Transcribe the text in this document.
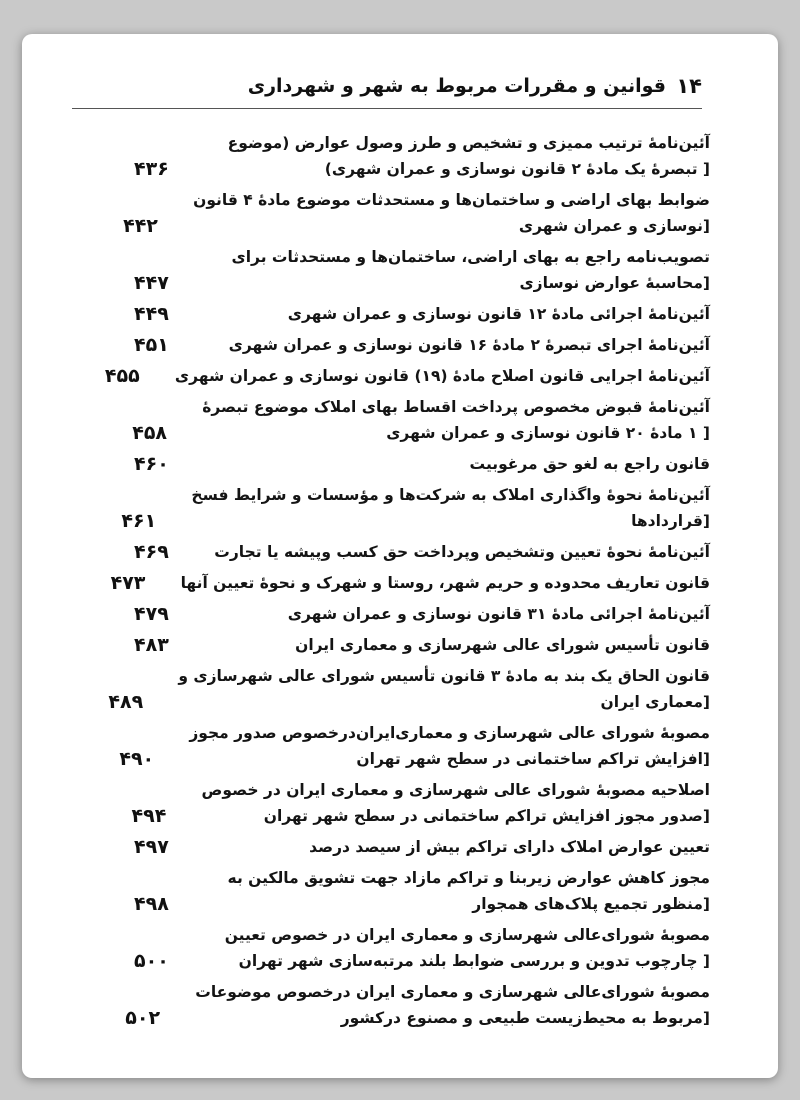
۱۴
قوانین و مقررات مربوط به شهر و شهرداری
آئین‌نامهٔ ترتیب ممیزی و تشخیص و طرز وصول عوارض (موضوع
[ تبصرهٔ یک مادهٔ ۲ قانون نوسازی و عمران شهری)
۴۳۶
ضوابط بهای اراضی و ساختمان‌ها و مستحدثات موضوع مادهٔ ۴ قانون
[نوسازی و عمران شهری
۴۴۲
تصویب‌نامه راجع به بهای اراضی، ساختمان‌ها و مستحدثات برای
[محاسبهٔ عوارض نوسازی
۴۴۷
آئین‌نامهٔ اجرائی مادهٔ ۱۲ قانون نوسازی و عمران شهری
۴۴۹
آئین‌نامهٔ اجرای تبصرهٔ ۲ مادهٔ ۱۶ قانون نوسازی و عمران شهری
۴۵۱
آئین‌نامهٔ اجرایی قانون اصلاح مادهٔ (۱۹) قانون نوسازی و عمران شهری
۴۵۵
آئین‌نامهٔ قبوض مخصوص پرداخت اقساط بهای املاک موضوع تبصرهٔ
[ ۱ مادهٔ ۲۰ قانون نوسازی و عمران شهری
۴۵۸
قانون راجع به لغو حق مرغوبیت
۴۶۰
آئین‌نامهٔ نحوهٔ واگذاری املاک به شرکت‌ها و مؤسسات و شرایط فسخ
[قراردادها
۴۶۱
آئین‌نامهٔ نحوهٔ تعیین وتشخیص وپرداخت حق کسب وپیشه یا تجارت
۴۶۹
قانون تعاریف محدوده و حریم شهر، روستا و شهرک و نحوهٔ تعیین آنها
۴۷۳
آئین‌نامهٔ اجرائی مادهٔ ۳۱ قانون نوسازی و عمران شهری
۴۷۹
قانون تأسیس شورای عالی شهرسازی و معماری ایران
۴۸۳
قانون الحاق یک بند به مادهٔ ۳ قانون تأسیس شورای عالی شهرسازی و
[معماری ایران
۴۸۹
مصوبهٔ شورای عالی شهرسازی و معماری‌ایران‌درخصوص صدور مجوز
[افزایش تراکم ساختمانی در سطح شهر تهران
۴۹۰
اصلاحیه مصوبهٔ شورای عالی شهرسازی و معماری ایران در خصوص
[صدور مجوز افزایش تراکم ساختمانی در سطح شهر تهران
۴۹۴
تعیین عوارض املاک دارای تراکم بیش از سیصد درصد
۴۹۷
مجوز کاهش عوارض زیربنا و تراکم مازاد جهت تشویق مالکین به
[منظور تجمیع پلاک‌های همجوار
۴۹۸
مصوبهٔ شورای‌عالی شهرسازی و معماری ایران در خصوص تعیین
[ چارچوب تدوین و بررسی ضوابط بلند مرتبه‌سازی شهر تهران
۵۰۰
مصوبهٔ شورای‌عالی شهرسازی و معماری ایران درخصوص موضوعات
[مربوط به محیط‌زیست طبیعی و مصنوع درکشور
۵۰۲
